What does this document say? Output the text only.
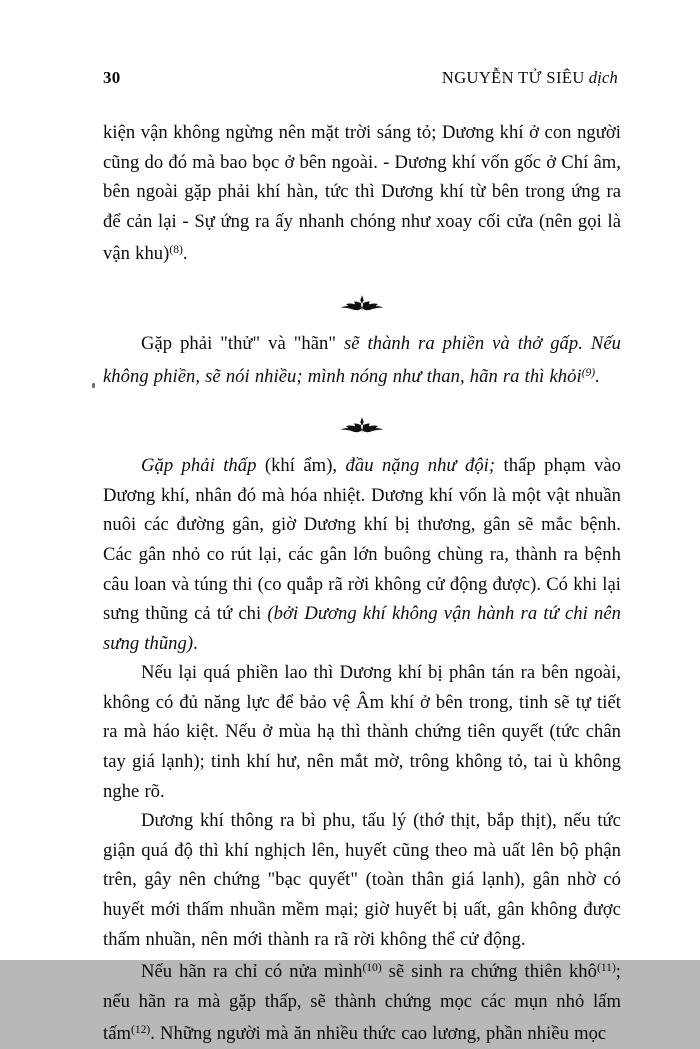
30	NGUYỄN TỬ SIÊU dịch

kiện vận không ngừng nên mặt trời sáng tỏ; Dương khí ở con người cũng do đó mà bao bọc ở bên ngoài. - Dương khí vốn gốc ở Chí âm, bên ngoài gặp phải khí hàn, tức thì Dương khí từ bên trong ứng ra để cản lại - Sự ứng ra ấy nhanh chóng như xoay cối cửa (nên gọi là vận khu)$^{(8)}$.

Gặp phải "thử" và "hãn" sẽ thành ra phiền và thở gấp. Nếu không phiền, sẽ nói nhiều; mình nóng như than, hãn ra thì khỏi$^{(9)}$.

Gặp phải thấp (khí ẩm), đầu nặng như đội; thấp phạm vào Dương khí, nhân đó mà hóa nhiệt. Dương khí vốn là một vật nhuần nuôi các đường gân, giờ Dương khí bị thương, gân sẽ mắc bệnh. Các gân nhỏ co rút lại, các gân lớn buông chùng ra, thành ra bệnh câu loan và túng thi (co quắp rã rời không cử động được). Có khi lại sưng thũng cả tứ chi (bởi Dương khí không vận hành ra tứ chi nên sưng thũng).

Nếu lại quá phiền lao thì Dương khí bị phân tán ra bên ngoài, không có đủ năng lực để bảo vệ Âm khí ở bên trong, tinh sẽ tự tiết ra mà háo kiệt. Nếu ở mùa hạ thì thành chứng tiên quyết (tức chân tay giá lạnh); tinh khí hư, nên mắt mờ, trông không tỏ, tai ù không nghe rõ.

Dương khí thông ra bì phu, tấu lý (thớ thịt, bắp thịt), nếu tức giận quá độ thì khí nghịch lên, huyết cũng theo mà uất lên bộ phận trên, gây nên chứng "bạc quyết" (toàn thân giá lạnh), gân nhờ có huyết mới thấm nhuần mềm mại; giờ huyết bị uất, gân không được thấm nhuần, nên mới thành ra rã rời không thể cử động.

Nếu hãn ra chỉ có nửa mình$^{(10)}$ sẽ sinh ra chứng thiên khô$^{(11)}$; nếu hãn ra mà gặp thấp, sẽ thành chứng mọc các mụn nhỏ lấm tấm$^{(12)}$. Những người mà ăn nhiều thức cao lương, phần nhiều mọc
